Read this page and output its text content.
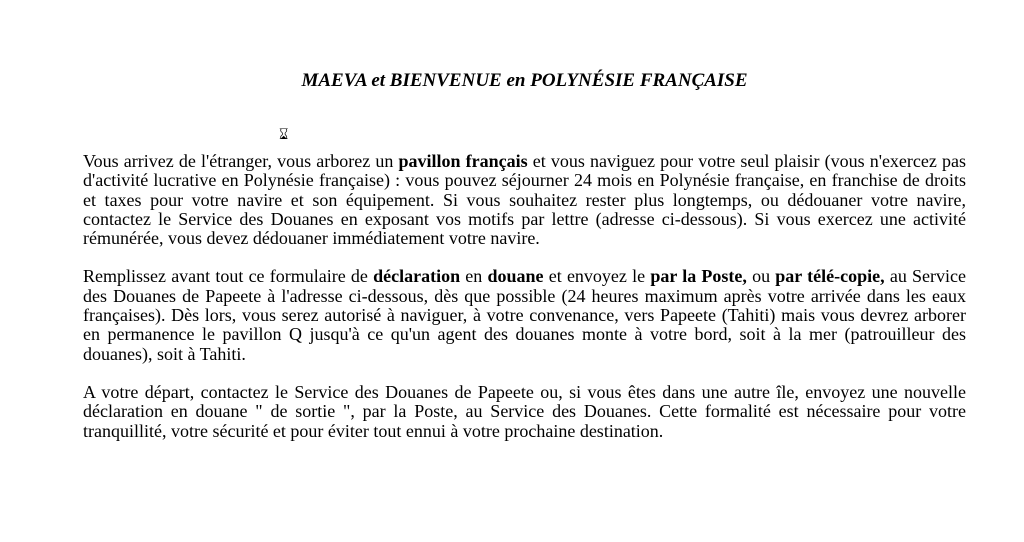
MAEVA et BIENVENUE en POLYNÉSIE FRANÇAISE
⌛︎

Vous arrivez de l'étranger, vous arborez un pavillon français et vous naviguez pour votre seul plaisir (vous n'exercez pas d'activité lucrative en Polynésie française) : vous pouvez séjourner 24 mois en Polynésie française, en franchise de droits et taxes pour votre navire et son équipement. Si vous souhaitez rester plus longtemps, ou dédouaner votre navire, contactez le Service des Douanes en exposant vos motifs par lettre (adresse ci-dessous). Si vous exercez une activité rémunérée, vous devez dédouaner immédiatement votre navire.

Remplissez avant tout ce formulaire de déclaration en douane et envoyez le par la Poste, ou par télé-copie, au Service des Douanes de Papeete à l'adresse ci-dessous, dès que possible (24 heures maximum après votre arrivée dans les eaux françaises). Dès lors, vous serez autorisé à naviguer, à votre convenance, vers Papeete (Tahiti) mais vous devrez arborer en permanence le pavillon Q jusqu'à ce qu'un agent des douanes monte à votre bord, soit à la mer (patrouilleur des douanes), soit à Tahiti.

A votre départ, contactez le Service des Douanes de Papeete ou, si vous êtes dans une autre île, envoyez une nouvelle déclaration en douane " de sortie ", par la Poste, au Service des Douanes. Cette formalité est nécessaire pour votre tranquillité, votre sécurité et pour éviter tout ennui à votre prochaine destination.
